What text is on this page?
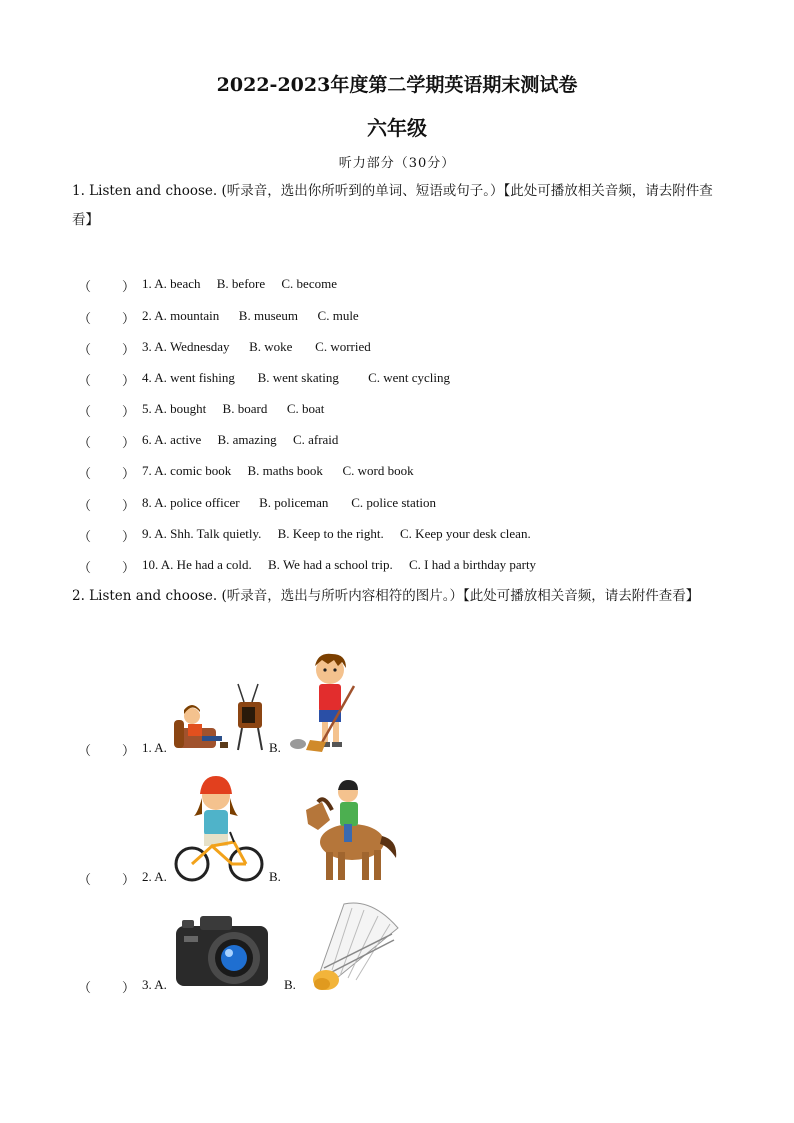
2022-2023年度第二学期英语期末测试卷
六年级
听力部分（30分）
1. Listen and choose. (听录音，选出你所听到的单词、短语或句子。）【此处可播放相关音频，请去附件查看】
（ ） 1. A. beach B. before C. become
（ ） 2. A. mountain B. museum C. mule
（ ） 3. A. Wednesday B. woke C. worried
（ ） 4. A. went fishing B. went skating C. went cycling
（ ） 5. A. bought B. board C. boat
（ ） 6. A. active B. amazing C. afraid
（ ） 7. A. comic book B. maths book C. word book
（ ） 8. A. police officer B. policeman C. police station
（ ） 9. A. Shh. Talk quietly. B. Keep to the right. C. Keep your desk clean.
（ ） 10. A. He had a cold. B. We had a school trip. C. I had a birthday party
2. Listen and choose. (听录音，选出与所听内容相符的图片。）【此处可播放相关音频，请去附件查看】
（ ） 1. A.	B.
（ ） 2. A.	B.
（ ） 3. A.	B.
